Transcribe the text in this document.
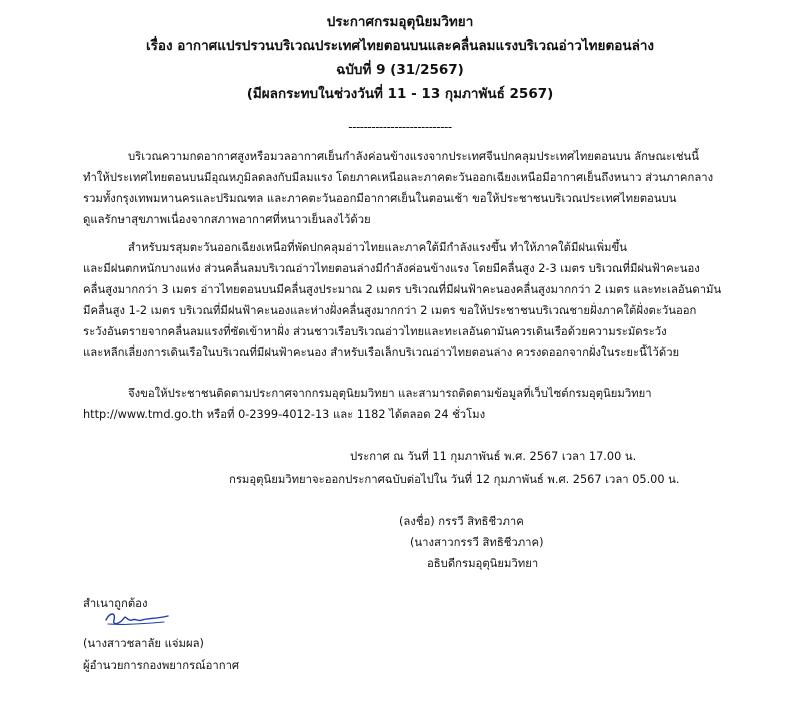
ประกาศกรมอุตุนิยมวิทยา
เรื่อง อากาศแปรปรวนบริเวณประเทศไทยตอนบนและคลื่นลมแรงบริเวณอ่าวไทยตอนล่าง
ฉบับที่ 9 (31/2567)
(มีผลกระทบในช่วงวันที่ 11 - 13 กุมภาพันธ์ 2567)
---------------------------
บริเวณความกดอากาศสูงหรือมวลอากาศเย็นกำลังค่อนข้างแรงจากประเทศจีนปกคลุมประเทศไทยตอนบน ลักษณะเช่นนี้
ทำให้ประเทศไทยตอนบนมีอุณหภูมิลดลงกับมีลมแรง โดยภาคเหนือและภาคตะวันออกเฉียงเหนือมีอากาศเย็นถึงหนาว ส่วนภาคกลาง
รวมทั้งกรุงเทพมหานครและปริมณฑล และภาคตะวันออกมีอากาศเย็นในตอนเช้า ขอให้ประชาชนบริเวณประเทศไทยตอนบน
ดูแลรักษาสุขภาพเนื่องจากสภาพอากาศที่หนาวเย็นลงไว้ด้วย
สำหรับมรสุมตะวันออกเฉียงเหนือที่พัดปกคลุมอ่าวไทยและภาคใต้มีกำลังแรงขึ้น ทำให้ภาคใต้มีฝนเพิ่มขึ้น
และมีฝนตกหนักบางแห่ง ส่วนคลื่นลมบริเวณอ่าวไทยตอนล่างมีกำลังค่อนข้างแรง โดยมีคลื่นสูง 2-3 เมตร บริเวณที่มีฝนฟ้าคะนอง
คลื่นสูงมากกว่า 3 เมตร อ่าวไทยตอนบนมีคลื่นสูงประมาณ 2 เมตร บริเวณที่มีฝนฟ้าคะนองคลื่นสูงมากกว่า 2 เมตร และทะเลอันดามัน
มีคลื่นสูง 1-2 เมตร บริเวณที่มีฝนฟ้าคะนองและห่างฝั่งคลื่นสูงมากกว่า 2 เมตร ขอให้ประชาชนบริเวณชายฝั่งภาคใต้ฝั่งตะวันออก
ระวังอันตรายจากคลื่นลมแรงที่ซัดเข้าหาฝั่ง ส่วนชาวเรือบริเวณอ่าวไทยและทะเลอันดามันควรเดินเรือด้วยความระมัดระวัง
และหลีกเลี่ยงการเดินเรือในบริเวณที่มีฝนฟ้าคะนอง สำหรับเรือเล็กบริเวณอ่าวไทยตอนล่าง ควรงดออกจากฝั่งในระยะนี้ไว้ด้วย
จึงขอให้ประชาชนติดตามประกาศจากกรมอุตุนิยมวิทยา และสามารถติดตามข้อมูลที่เว็บไซต์กรมอุตุนิยมวิทยา
http://www.tmd.go.th หรือที่ 0-2399-4012-13 และ 1182 ได้ตลอด 24 ชั่วโมง
ประกาศ ณ วันที่ 11 กุมภาพันธ์ พ.ศ. 2567 เวลา 17.00 น.
กรมอุตุนิยมวิทยาจะออกประกาศฉบับต่อไปใน วันที่ 12 กุมภาพันธ์ พ.ศ. 2567 เวลา 05.00 น.
(ลงชื่อ) กรรวี สิทธิชีวภาค
(นางสาวกรรวี สิทธิชีวภาค)
อธิบดีกรมอุตุนิยมวิทยา
สำเนาถูกต้อง
(นางสาวชลาลัย แจ่มผล)
ผู้อำนวยการกองพยากรณ์อากาศ
